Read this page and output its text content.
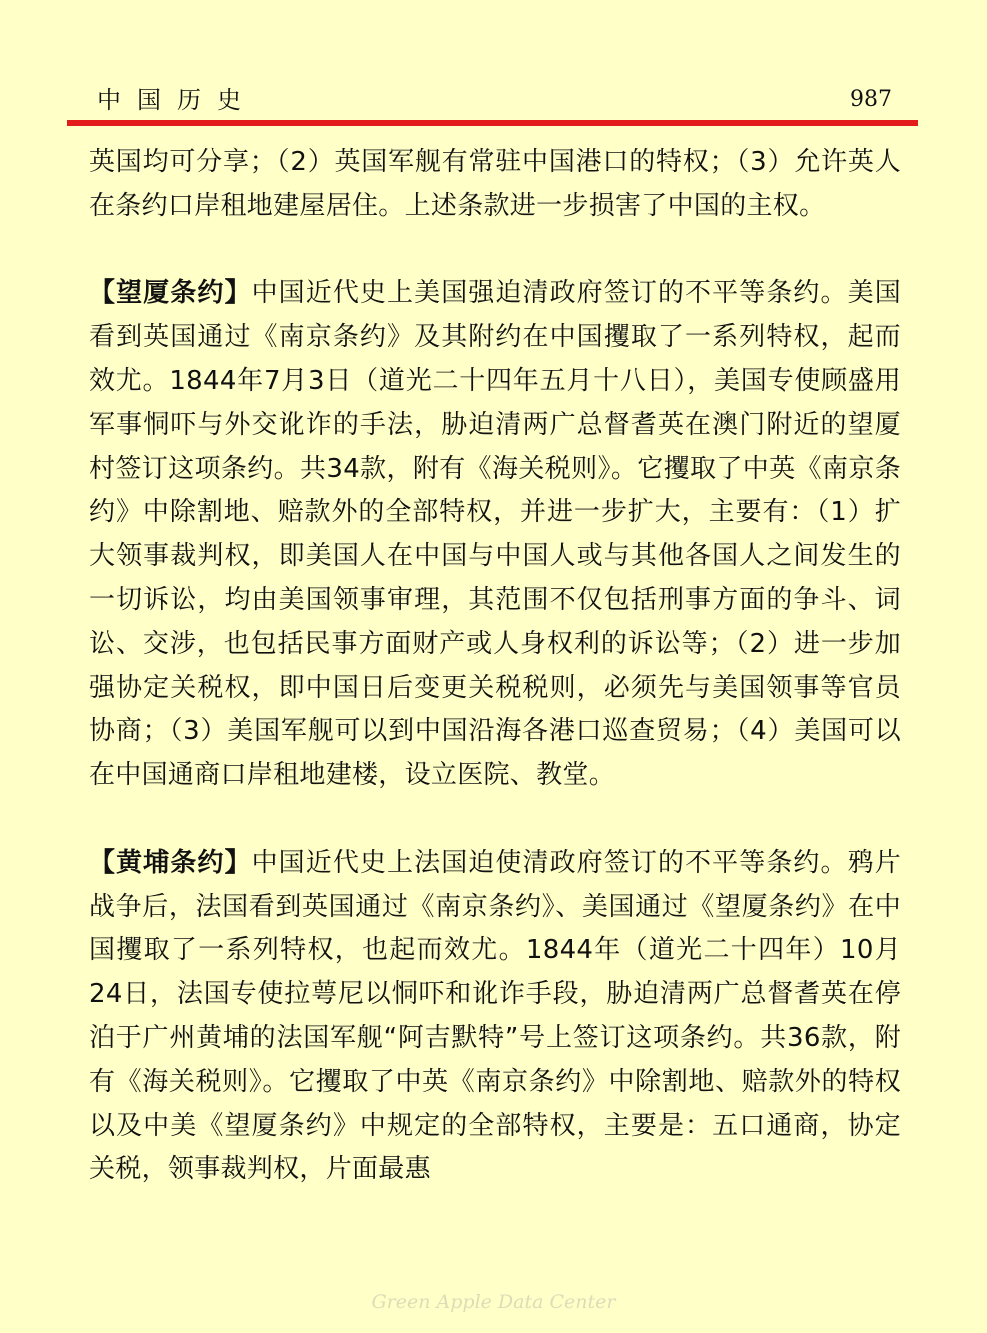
中国历史	987

英国均可分享；（2）英国军舰有常驻中国港口的特权；（3）允许英人在条约口岸租地建屋居住。上述条款进一步损害了中国的主权。

【望厦条约】中国近代史上美国强迫清政府签订的不平等条约。美国看到英国通过《南京条约》及其附约在中国攫取了一系列特权，起而效尤。1844年7月3日（道光二十四年五月十八日），美国专使顾盛用军事恫吓与外交讹诈的手法，胁迫清两广总督耆英在澳门附近的望厦村签订这项条约。共34款，附有《海关税则》。它攫取了中英《南京条约》中除割地、赔款外的全部特权，并进一步扩大，主要有：（1）扩大领事裁判权，即美国人在中国与中国人或与其他各国人之间发生的一切诉讼，均由美国领事审理，其范围不仅包括刑事方面的争斗、词讼、交涉，也包括民事方面财产或人身权利的诉讼等；（2）进一步加强协定关税权，即中国日后变更关税税则，必须先与美国领事等官员协商；（3）美国军舰可以到中国沿海各港口巡查贸易；（4）美国可以在中国通商口岸租地建楼，设立医院、教堂。

【黄埔条约】中国近代史上法国迫使清政府签订的不平等条约。鸦片战争后，法国看到英国通过《南京条约》、美国通过《望厦条约》在中国攫取了一系列特权，也起而效尤。1844年（道光二十四年）10月24日，法国专使拉萼尼以恫吓和讹诈手段，胁迫清两广总督耆英在停泊于广州黄埔的法国军舰“阿吉默特”号上签订这项条约。共36款，附有《海关税则》。它攫取了中英《南京条约》中除割地、赔款外的特权以及中美《望厦条约》中规定的全部特权，主要是：五口通商，协定关税，领事裁判权，片面最惠

Green Apple Data Center
